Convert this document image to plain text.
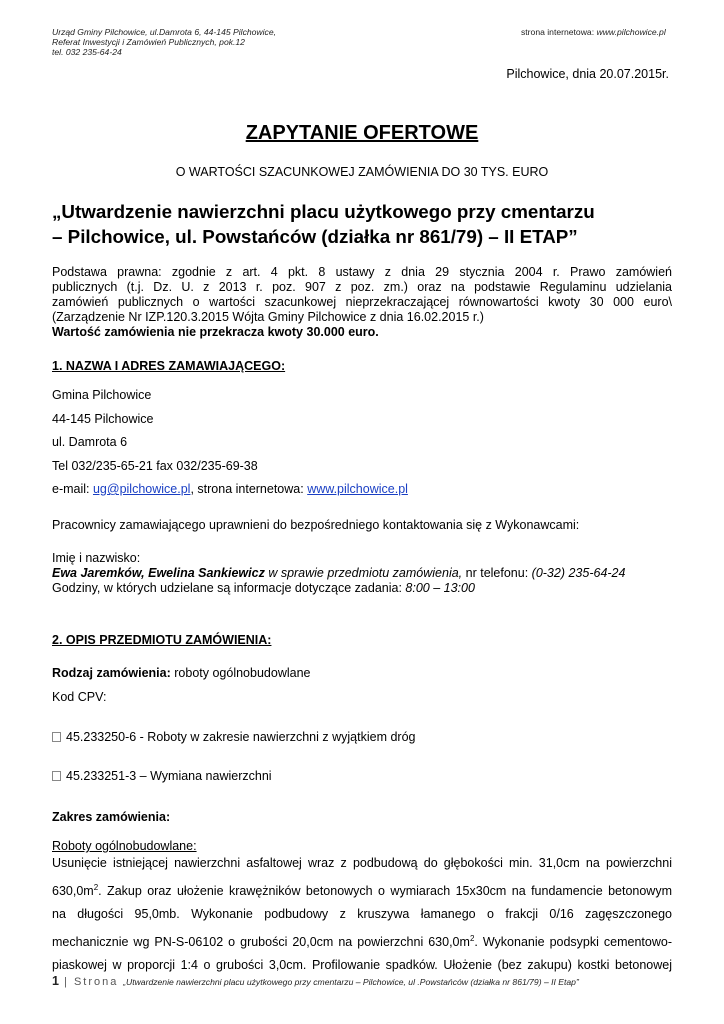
Urząd Gminy Pilchowice, ul.Damrota 6, 44-145 Pilchowice,
Referat Inwestycji i Zamówień Publicznych, pok.12
tel. 032 235-64-24
strona internetowa: www.pilchowice.pl
Pilchowice, dnia 20.07.2015r.
ZAPYTANIE OFERTOWE
O WARTOŚCI SZACUNKOWEJ ZAMÓWIENIA DO 30 TYS. EURO
„Utwardzenie nawierzchni placu użytkowego przy cmentarzu
– Pilchowice, ul. Powstańców (działka nr 861/79) – II ETAP”
Podstawa prawna: zgodnie z art. 4 pkt. 8 ustawy z dnia 29 stycznia 2004 r. Prawo zamówień
publicznych (t.j. Dz. U. z 2013 r. poz. 907 z poz. zm.) oraz na podstawie Regulaminu udzielania
zamówień publicznych o wartości szacunkowej nieprzekraczającej równowartości kwoty 30 000 euro\
(Zarządzenie Nr IZP.120.3.2015 Wójta Gminy Pilchowice z dnia 16.02.2015 r.)
Wartość zamówienia nie przekracza kwoty 30.000 euro.
1. NAZWA I ADRES ZAMAWIAJĄCEGO:
Gmina Pilchowice
44-145 Pilchowice
ul. Damrota 6
Tel 032/235-65-21 fax 032/235-69-38
e-mail: ug@pilchowice.pl, strona internetowa: www.pilchowice.pl
Pracownicy zamawiającego uprawnieni do bezpośredniego kontaktowania się z Wykonawcami:
Imię i nazwisko:
Ewa Jaremków, Ewelina Sankiewicz w sprawie przedmiotu zamówienia, nr telefonu: (0-32) 235-64-24
Godziny, w których udzielane są informacje dotyczące zadania: 8:00 – 13:00
2. OPIS PRZEDMIOTU ZAMÓWIENIA:
Rodzaj zamówienia: roboty ogólnobudowlane
Kod CPV:
45.233250-6 - Roboty w zakresie nawierzchni z wyjątkiem dróg
45.233251-3 – Wymiana nawierzchni
Zakres zamówienia:
Roboty ogólnobudowlane:
Usunięcie istniejącej nawierzchni asfaltowej wraz z podbudową do głębokości min. 31,0cm na powierzchni
$630,0m^2$. Zakup oraz ułożenie krawężników betonowych o wymiarach 15x30cm na fundamencie betonowym
na długości 95,0mb. Wykonanie podbudowy z kruszywa łamanego o frakcji 0/16 zagęszczonego
mechanicznie wg PN-S-06102 o grubości 20,0cm na powierzchni $630,0m^2$. Wykonanie podsypki cementowo-
piaskowej w proporcji 1:4 o grubości 3,0cm. Profilowanie spadków. Ułożenie (bez zakupu) kostki betonowej
1 | Strona „Utwardzenie nawierzchni placu użytkowego przy cmentarzu – Pilchowice, ul .Powstańców (działka nr 861/79) – II Etap”
